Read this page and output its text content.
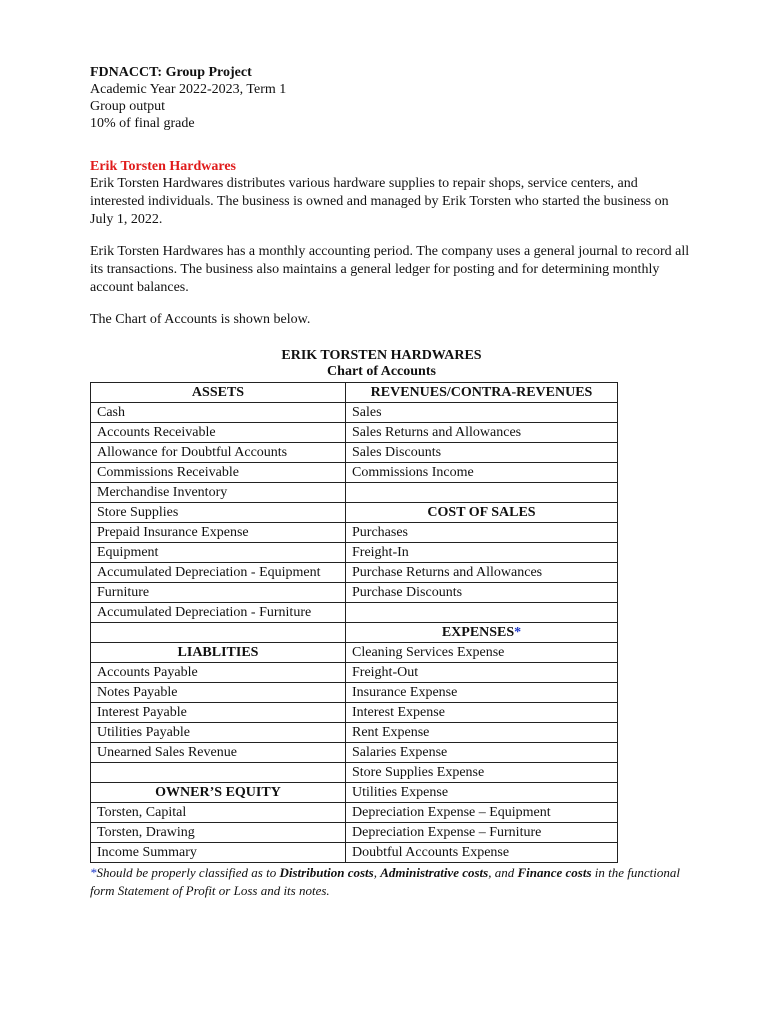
FDNACCT: Group Project

Academic Year 2022-2023, Term 1

Group output

10% of final grade

Erik Torsten Hardwares

Erik Torsten Hardwares distributes various hardware supplies to repair shops, service centers, and interested individuals. The business is owned and managed by Erik Torsten who started the business on July 1, 2022.

Erik Torsten Hardwares has a monthly accounting period. The company uses a general journal to record all its transactions. The business also maintains a general ledger for posting and for determining monthly account balances.

The Chart of Accounts is shown below.

ERIK TORSTEN HARDWARES
Chart of Accounts
ASSETS	REVENUES/CONTRA-REVENUES
Cash	Sales
Accounts Receivable	Sales Returns and Allowances
Allowance for Doubtful Accounts	Sales Discounts
Commissions Receivable	Commissions Income
Merchandise Inventory	
Store Supplies	COST OF SALES
Prepaid Insurance Expense	Purchases
Equipment	Freight-In
Accumulated Depreciation - Equipment	Purchase Returns and Allowances
Furniture	Purchase Discounts
Accumulated Depreciation - Furniture	
	EXPENSES*
LIABLITIES	Cleaning Services Expense
Accounts Payable	Freight-Out
Notes Payable	Insurance Expense
Interest Payable	Interest Expense
Utilities Payable	Rent Expense
Unearned Sales Revenue	Salaries Expense
	Store Supplies Expense
OWNER’S EQUITY	Utilities Expense
Torsten, Capital	Depreciation Expense – Equipment
Torsten, Drawing	Depreciation Expense – Furniture
Income Summary	Doubtful Accounts Expense
*Should be properly classified as to Distribution costs, Administrative costs, and Finance costs in the functional form Statement of Profit or Loss and its notes.
